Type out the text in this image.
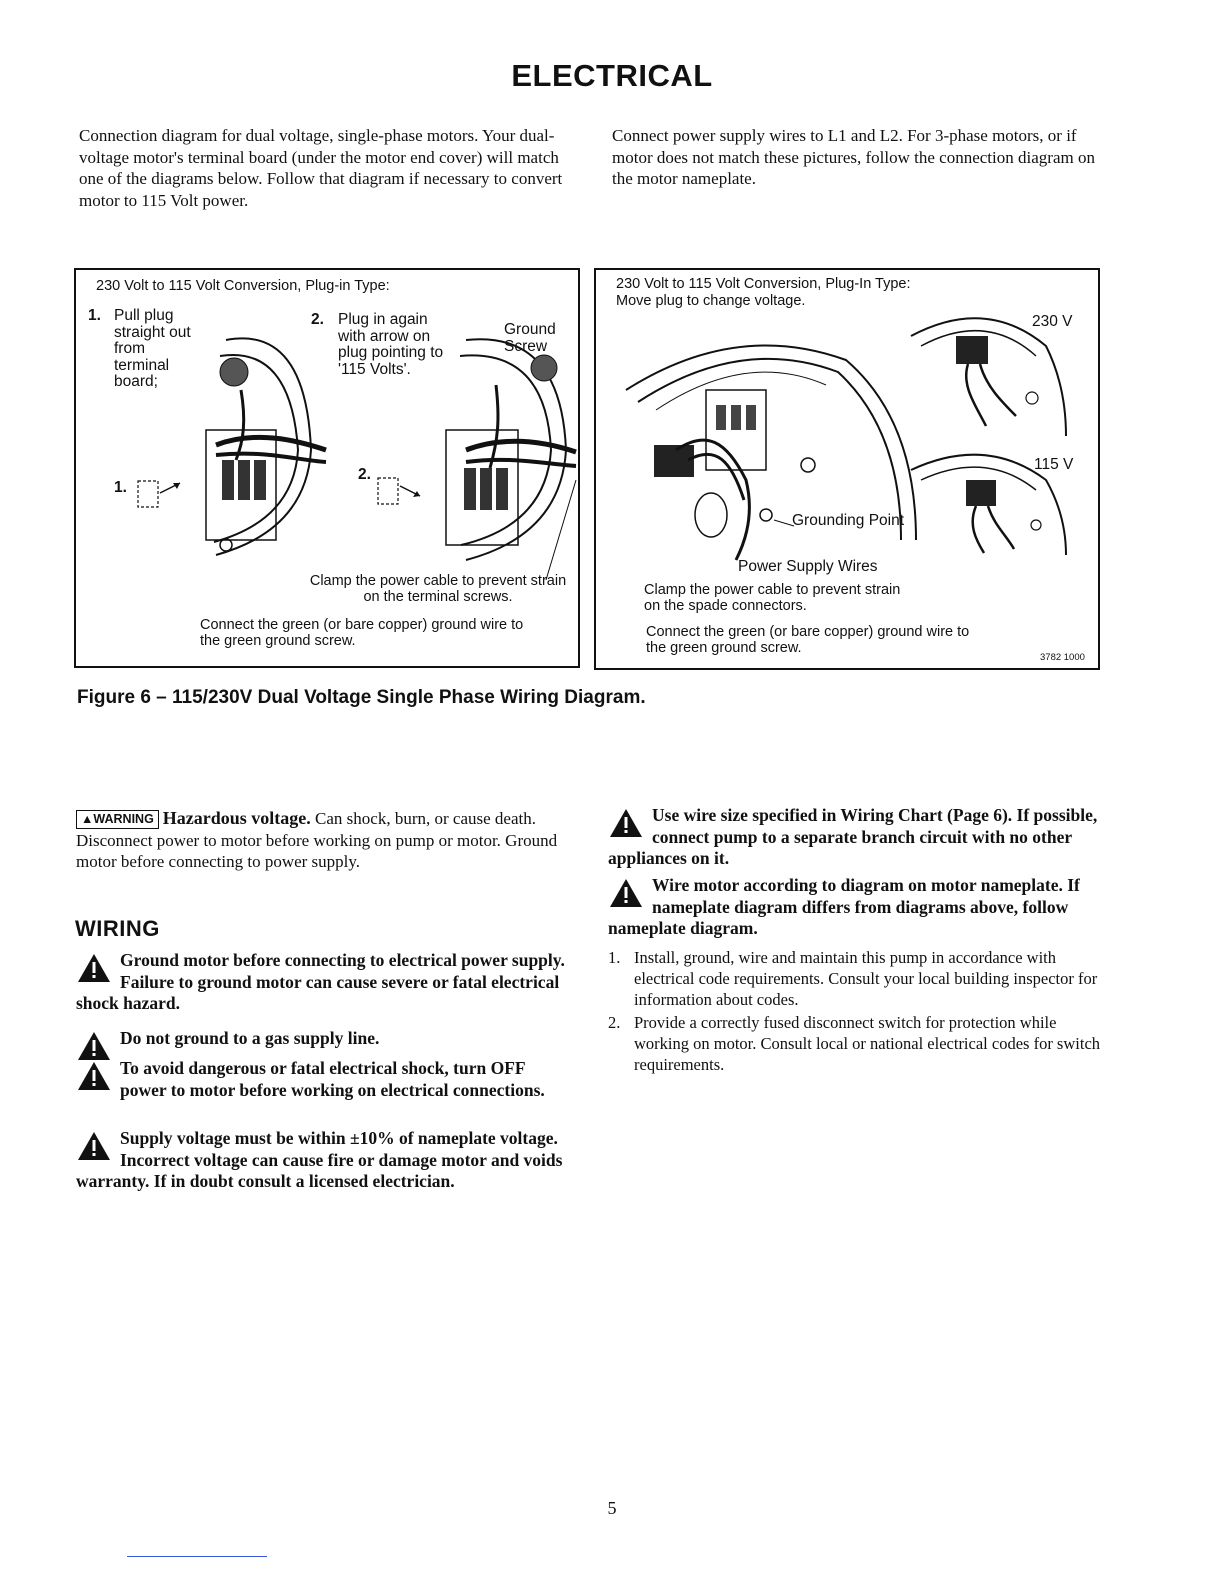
ELECTRICAL
Connection diagram for dual voltage, single-phase motors. Your dual-voltage motor's terminal board (under the motor end cover) will match one of the diagrams below. Follow that diagram if necessary to convert motor to 115 Volt power.
Connect power supply wires to L1 and L2. For 3-phase motors, or if motor does not match these pictures, follow the connection diagram on the motor nameplate.
230 Volt to 115 Volt Conversion, Plug-in Type:
1. Pull plug straight out from terminal board;
2. Plug in again with arrow on plug pointing to '115 Volts'.
Ground Screw
1.
2.
Clamp the power cable to prevent strain on the terminal screws.
Connect the green (or bare copper) ground wire to the green ground screw.
230 Volt to 115 Volt Conversion, Plug-In Type:
Move plug to change voltage.
230 V
115 V
Grounding Point
Power Supply Wires
Clamp the power cable to prevent strain on the spade connectors.
Connect the green (or bare copper) ground wire to the green ground screw.
3782 1000
Figure 6 – 115/230V Dual Voltage Single Phase Wiring Diagram.
▲WARNING Hazardous voltage. Can shock, burn, or cause death. Disconnect power to motor before working on pump or motor. Ground motor before connecting to power supply.
WIRING
Ground motor before connecting to electrical power supply. Failure to ground motor can cause severe or fatal electrical shock hazard.
Do not ground to a gas supply line.
To avoid dangerous or fatal electrical shock, turn OFF power to motor before working on electrical connections.
Supply voltage must be within ±10% of nameplate voltage. Incorrect voltage can cause fire or damage motor and voids warranty. If in doubt consult a licensed electrician.
Use wire size specified in Wiring Chart (Page 6). If possible, connect pump to a separate branch circuit with no other appliances on it.
Wire motor according to diagram on motor nameplate. If nameplate diagram differs from diagrams above, follow nameplate diagram.
1. Install, ground, wire and maintain this pump in accordance with electrical code requirements. Consult your local building inspector for information about codes.
2. Provide a correctly fused disconnect switch for protection while working on motor. Consult local or national electrical codes for switch requirements.
5
